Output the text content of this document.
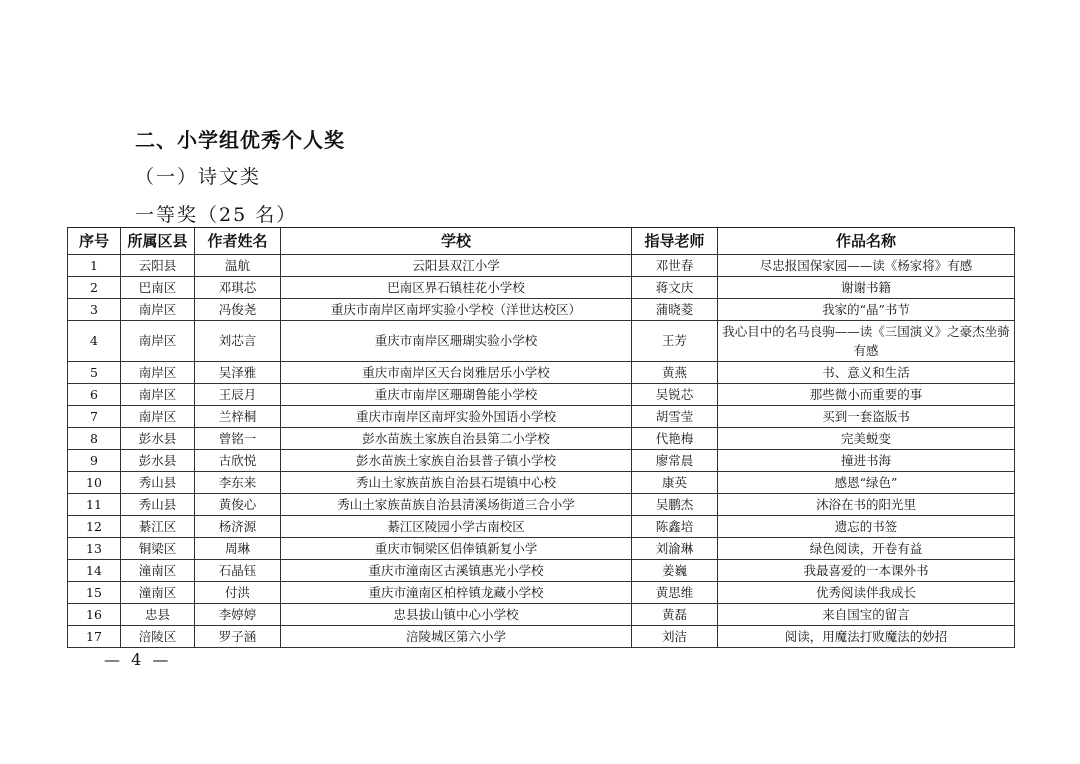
二、小学组优秀个人奖
（一）诗文类
一等奖（25 名）
序号	所属区县	作者姓名	学校	指导老师	作品名称
1	云阳县	温航	云阳县双江小学	邓世春	尽忠报国保家园——读《杨家将》有感
2	巴南区	邓琪芯	巴南区界石镇桂花小学校	蒋文庆	谢谢书籍
3	南岸区	冯俊尧	重庆市南岸区南坪实验小学校（洋世达校区）	蒲晓菱	我家的“晶”书节
4	南岸区	刘芯言	重庆市南岸区珊瑚实验小学校	王芳	我心目中的名马良驹——读《三国演义》之豪杰坐骑有感
5	南岸区	吴泽雅	重庆市南岸区天台岗雅居乐小学校	黄燕	书、意义和生活
6	南岸区	王辰月	重庆市南岸区珊瑚鲁能小学校	吴锐芯	那些微小而重要的事
7	南岸区	兰梓桐	重庆市南岸区南坪实验外国语小学校	胡雪莹	买到一套盗版书
8	彭水县	曾铭一	彭水苗族土家族自治县第二小学校	代艳梅	完美蜕变
9	彭水县	古欣悦	彭水苗族土家族自治县普子镇小学校	廖常晨	撞进书海
10	秀山县	李东来	秀山土家族苗族自治县石堤镇中心校	康英	感恩“绿色”
11	秀山县	黄俊心	秀山土家族苗族自治县清溪场街道三合小学	吴鹏杰	沐浴在书的阳光里
12	綦江区	杨济源	綦江区陵园小学古南校区	陈鑫培	遗忘的书签
13	铜梁区	周琳	重庆市铜梁区侣俸镇新复小学	刘渝琳	绿色阅读，开卷有益
14	潼南区	石晶钰	重庆市潼南区古溪镇惠光小学校	姜巍	我最喜爱的一本课外书
15	潼南区	付洪	重庆市潼南区柏梓镇龙藏小学校	黄思维	优秀阅读伴我成长
16	忠县	李婷婷	忠县拔山镇中心小学校	黄磊	来自国宝的留言
17	涪陵区	罗子涵	涪陵城区第六小学	刘洁	阅读，用魔法打败魔法的妙招
— 4 —
